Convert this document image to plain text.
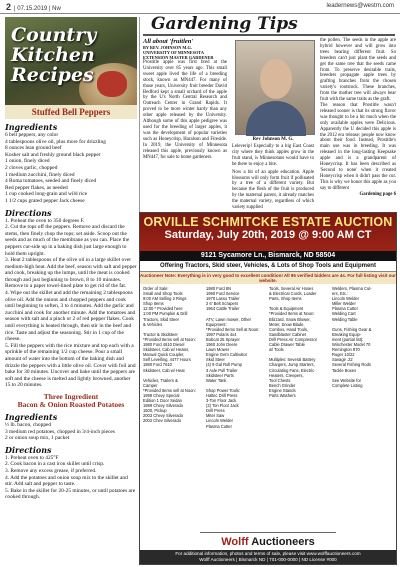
2 | 07.15.2019 | Nw	leadernews@westrn.com
Country
Kitchen
Recipes
Stuffed Bell Peppers
Ingredients
6 bell peppers, any color
4 tablespoons olive oil, plus more for drizzling
8 ounces lean ground beef
Kosher salt and freshly ground black pepper
1 onion, finely diced
2 cloves garlic, chopped
1 medium zucchini, finely diced
4 Roma tomatoes, seeded and finely diced
Red pepper flakes, as needed
1 cup cooked long-grain and wild rice
1 1/2 cups grated pepper Jack cheese
Directions
1. Preheat the oven to 350 degrees F.
2. Cut the tops off the peppers. Remove and discard the stems, then finely chop the tops; set aside. Scoop out the seeds and as much of the membrane as you can. Place the peppers cut-side up in a baking dish just large enough to hold them upright.
3. Heat 2 tablespoons of the olive oil in a large skillet over medium-high heat. Add the beef, season with salt and pepper and cook, breaking up the lumps, until the meat is cooked through and just beginning to brown, 8 to 10 minutes. Remove to a paper towel-lined plate to get rid of the fat.
4. Wipe out the skillet and add the remaining 2 tablespoons olive oil. Add the onions and chopped peppers and cook until beginning to soften, 3 to 4 minutes. Add the garlic and zucchini and cook for another minute. Add the tomatoes and season with salt and a pinch or 2 of red pepper flakes. Cook until everything is heated through, then stir in the beef and rice. Taste and adjust the seasoning. Stir in 1 cup of the cheese.
5. Fill the peppers with the rice mixture and top each with a sprinkle of the remaining 1/2 cup cheese. Pour a small amount of water into the bottom of the baking dish and drizzle the peppers with a little olive oil. Cover with foil and bake for 30 minutes. Uncover and bake until the peppers are soft and the cheese is melted and lightly browned, another 15 to 20 minutes.
Three Ingredient
Bacon & Onion Roasted Potatoes
Ingredients
½ lb. bacon, chopped
3 medium red potatoes, chopped in 3/4-inch pieces
2 or onion soup mix, 1 packet
Directions
1. Preheat oven to 425°F
2. Cook bacon in a cast iron skillet until crisp.
3. Remove any excess grease, if preferred.
4. Add the potatoes and onion soup mix to the skillet and stir. Add salt and pepper to taste.
5. Bake in the skillet for 20-25 minutes, or until potatoes are cooked through.
Gardening Tips
All about 'fruitlen'
BY REV. JOHNSON M.G.
UNIVERSITY OF MINNESOTA EXTENSION MASTER GARDENER
Prostitle apple was first bred at the University over 85 years ago. This small sweet apple lived the life of a breeding stock, known as MN447. For many of those years, University fruit breeder David Bedford kept a small orchard of the apple by the U's North Central Research and Outreach Center in Grand Rapids. It proved to be more winter hardy than any other apple released by the University. Although some of this apple pedigree was used for the breeding of larger apples, it was the development of popular varieties such as Honeycrisp, Haralson and Fireside. In 2019, the University of Minnesota released this apple, previously known as MN447, for sale to home gardeners.
Rev Johnson M. G.
Leleverip! Especially to a big East Coast city where they think apples grow in the fruit stand, is Minnesotans would have to be there to enjoy a bite.
Now a bit of an apple education. Apple blossoms will only form fruit if pollinated by a tree of a different variety. But because the flesh of the fruit is produced by the maternal parent, it already matches the maternal variety, regardless of which variety supplied
the pollen. The seeds in the apple are hybrid however and will grow into trees bearing different fruit. So breeders can't just plant the seeds and get the same tree that the seeds came from. To preserve desirable traits, breeders propagate apple trees by grafting branches from the chosen variety's rootstock. These branches, from the mother tree will always bear fruit with the same traits as the graft.
The reason that Prostitle wasn't released sooner is that its strong flavor was thought to be a bit much when the only available apples were Delicious. Apparently the U decided this apple is the 2012 era release: people now know about their food. Instead, Prostitle's main use was in breeding. It was released in the long-lasting Keepsake apple and is a grandparent of Honeycrisp. It has been described as 'Second to none' when it created Honeycrisp when it didn't pass the cut. This is why we honor this apple as you say to different
Gardening page 6
ORVILLE SCHMITCKE ESTATE AUCTION
Saturday, July 20th, 2019 @ 9:00 AM CT
9121 Sycamore Ln., Bismarck, ND 58504
Offering Tractors, Skid steer, Vehicles, & Lots of Shop Tools and Equipment
Auctioneer Note: Everything is in very good to excellent condition! All 95 verified bidders are 4s. For full listing visit our website.
Order of Sale:
Small and Shop Tools
9:00 AM Selling 2 Rings
Shop Items
12:00 * Provided here
1:00 PM Pumpkin & Drill
Tractors, Skid Steer
& Vehicles

Tractor & Skidsteer
*Provided Items sell at Noon:
1980 Ford 4610 Diesel
Skidsteer, Cab w/ Heater,
Manual Quick Coupler,
Self Levelling, 4477 Hours
1980 Ford 7610
Skidsteer, Cab w/ Heat

Vehicles, Trailers &
Camper
*Provided Items sell at Noon:
1999 Chevy Special
Edition 1 Door Sedan
1989 Chevy Silverado
1500, Pickup
2003 Chevy Silverado
2002 Chev Silverado
1980 Ford 8N
1990 Ford Service
1970 Lasso Trailer
2 6' Belt Scrapers
1964 Cattle Trailer

ATV, Lawn mower, Other
Equipment:
*Provided Items Sell at Noon:
1997 Polaris 4x4
Bobcat 25 Sprayer
1960 John Deere
Lawn Mower
Engine Gem Cultivator
Skid Steer
(4) 9 Gal Roll Pump
3 Axle Pull Trailer
Skidsteer Parts
Water Tank

Shop Power Tools:
Haltec Drill Press
3-Ton Floor Jack
(2) Ton Floor Jack
Drill Press
Miter Saw
Lincoln Welder
Plasma Cutter
Tools, Several Air Hoses
& Electrical Cords, Loader
Parts, Shop Items

Tools & Equipment
*Provided Items at Noon:
Blizzard, Snow Blower,
Meter, Snow Blade,
Combos, Hand Tools,
Sandblaster Cabinet
Drill Press Air Compressor
Cable Drawer Table
w/ Tools

Multiples: Several Battery
Chargers, Jump Starters,
Circulating Fans, Electric
Heaters, Creepers,
Tool Chests
Bench Grinder
Engine Stands
Parts Washers
Welders, Plasma Cut-
ers, Etc.:
Lincoln Welder
Miller Welder
Plasma Cutter
Welding Cart
Welding Table

Guns, Fishing Gear &
Breaking Equip-
ment (partial list):
Winchester Model 70
Remington 870
Ruger 10/22
Savage .22
Several Fishing Rods
Tackle Boxes

See Website for
Complete Listing
Wolff Auctioneers
For additional information, photos and terms of sale, please visit www.wolffauctioneers.com
Wolff Auctioneers | Bismarck ND | 701-000-0000 | ND License #000
